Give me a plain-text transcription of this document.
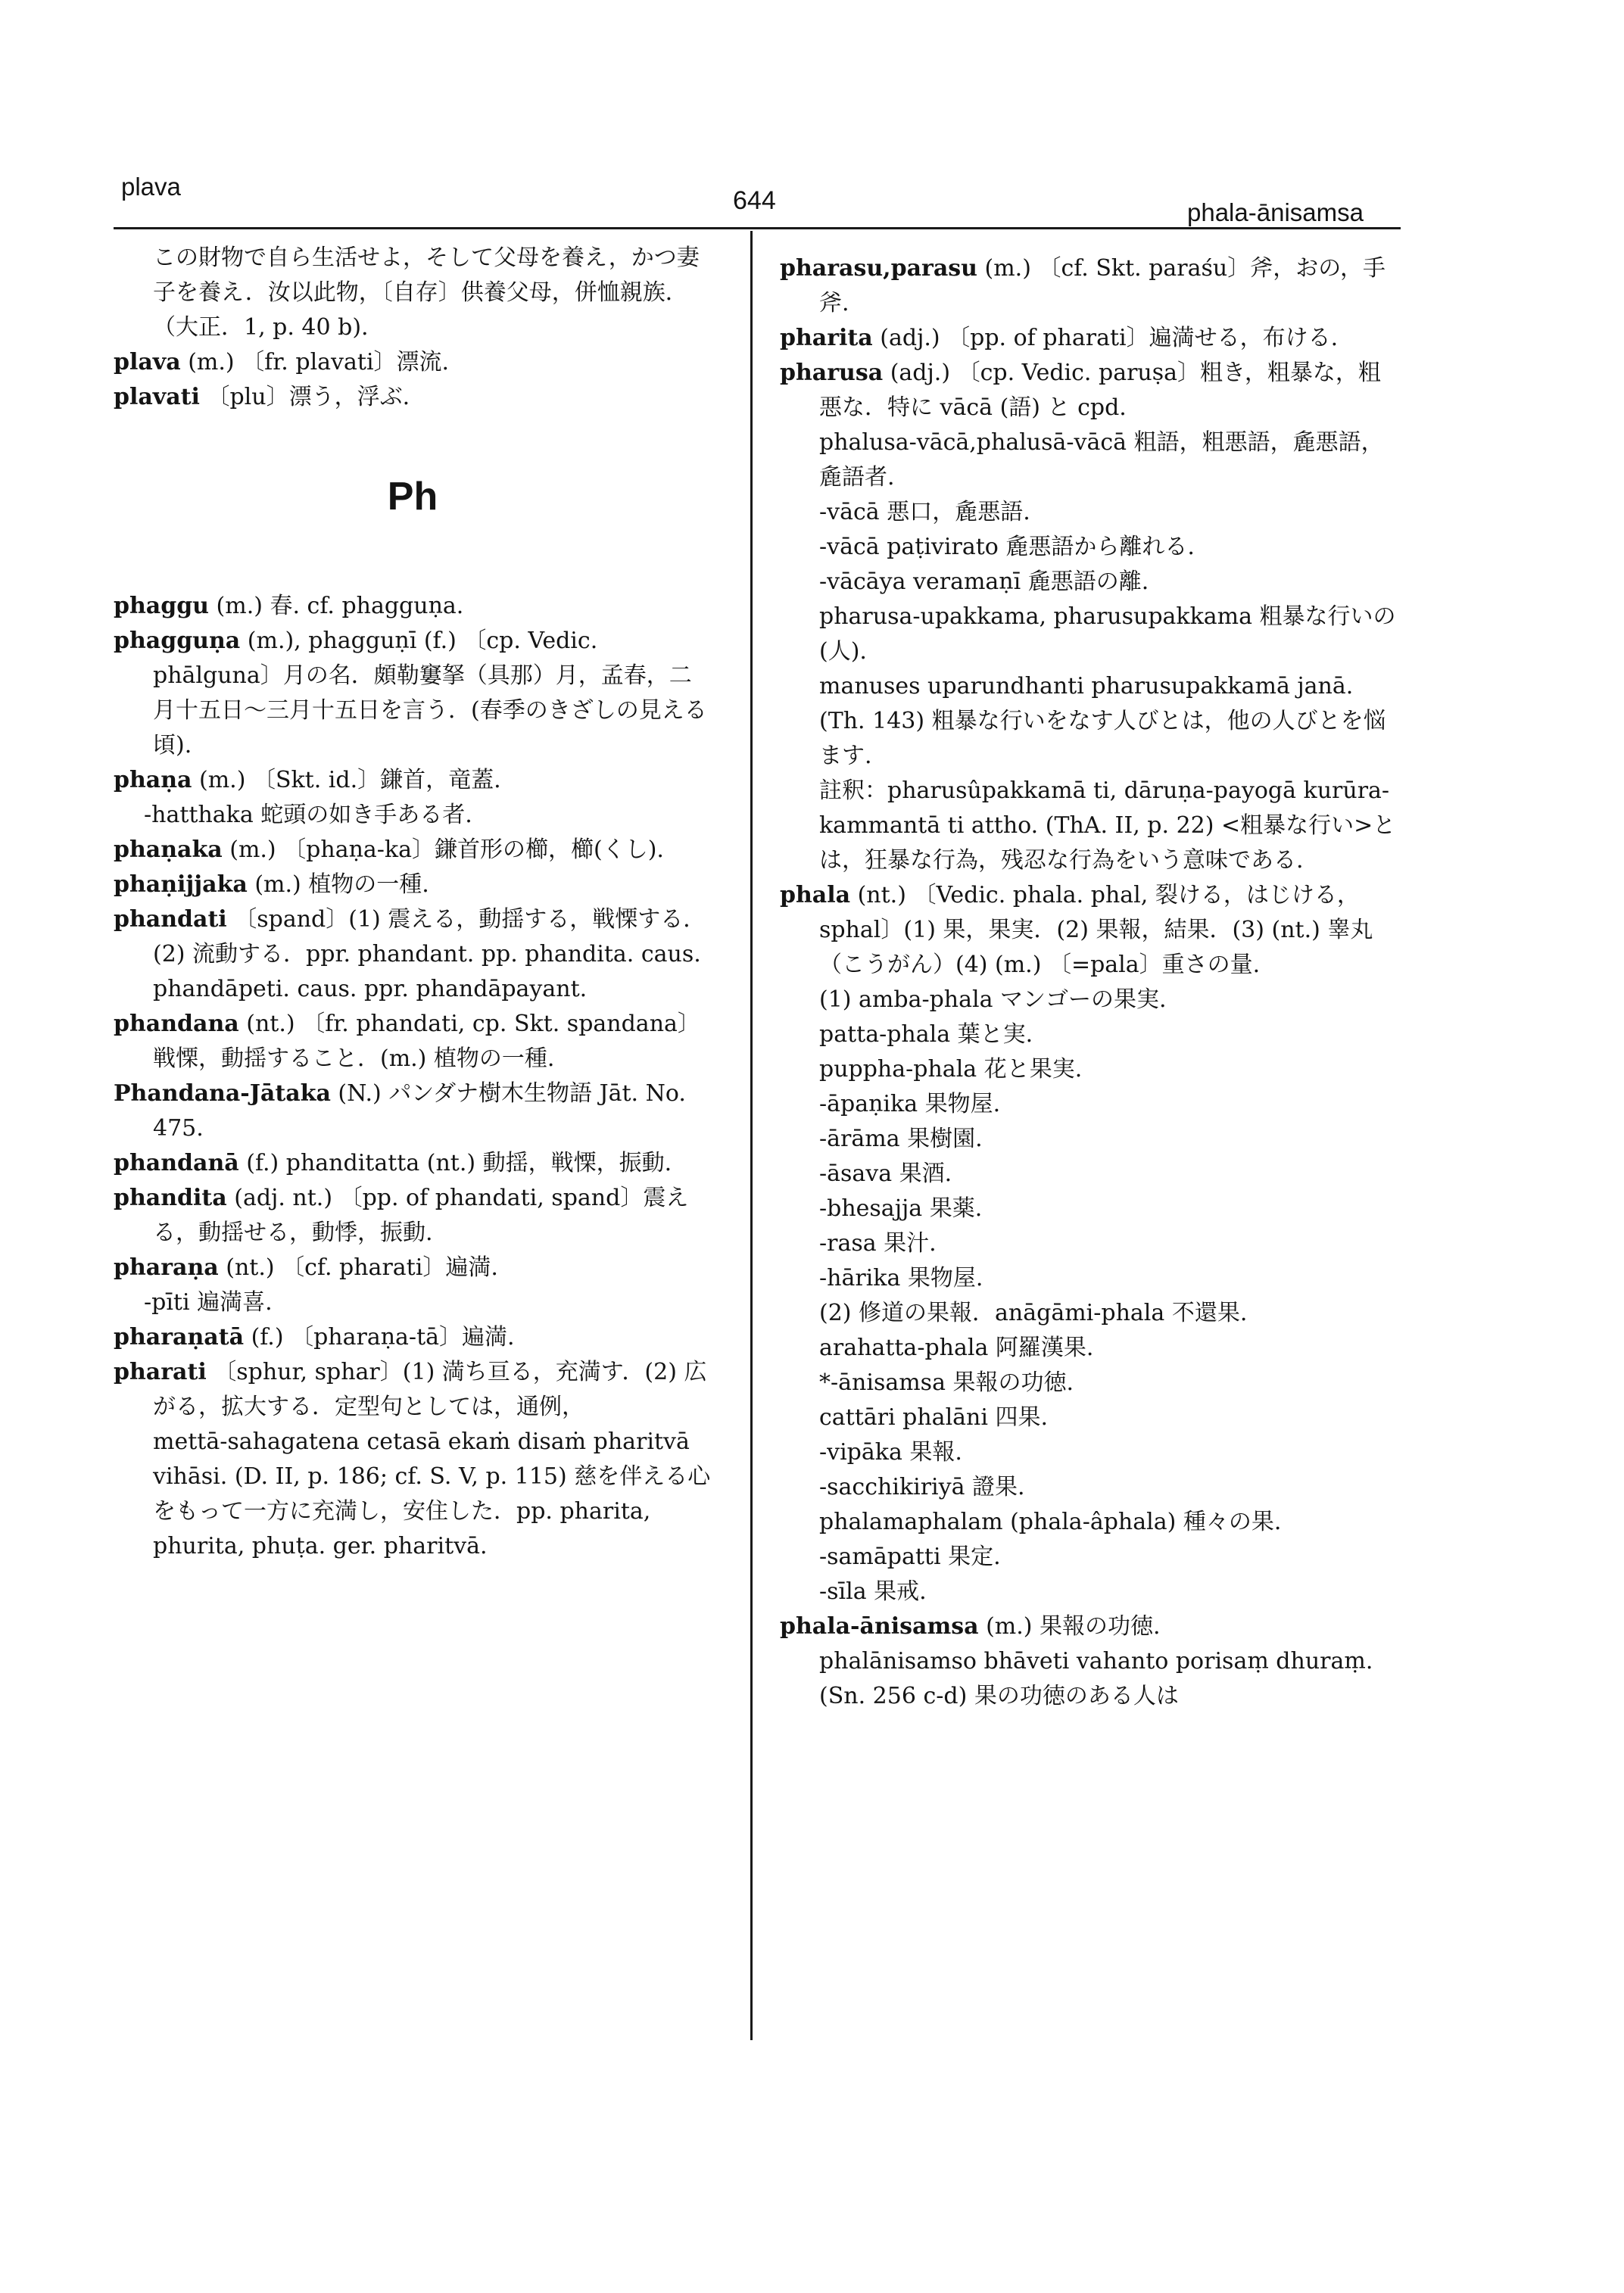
plava	644	phala-ānisamsa
この財物で自ら生活せよ，そして父母を養え，かつ妻子を養え．汝以此物，〔自存〕供養父母，併恤親族．（大正．1, p. 40 b).
plava (m.) 〔fr. plavati〕漂流.
plavati 〔plu〕漂う，浮ぶ.
Ph
phaggu (m.) 春. cf. phagguṇa.
phagguṇa (m.), phagguṇī (f.) 〔cp. Vedic. phālguna〕月の名．頗勒窶拏（具那）月，孟春，二月十五日～三月十五日を言う．(春季のきざしの見える頃).
phaṇa (m.) 〔Skt. id.〕鎌首，竜蓋.
-hatthaka 蛇頭の如き手ある者.
phaṇaka (m.) 〔phaṇa-ka〕鎌首形の櫛，櫛(くし).
phaṇijjaka (m.) 植物の一種.
phandati 〔spand〕(1) 震える，動揺する，戦慄する．(2) 流動する．ppr. phandant. pp. phandita. caus. phandāpeti. caus. ppr. phandāpayant.
phandana (nt.) 〔fr. phandati, cp. Skt. spandana〕戦慄，動揺すること．(m.) 植物の一種.
Phandana-Jātaka (N.) パンダナ樹木生物語 Jāt. No. 475.
phandanā (f.) phanditatta (nt.) 動揺，戦慄，振動.
phandita (adj. nt.) 〔pp. of phandati, spand〕震える，動揺せる，動悸，振動.
pharaṇa (nt.) 〔cf. pharati〕遍満.
-pīti 遍満喜.
pharaṇatā (f.) 〔pharaṇa-tā〕遍満.
pharati 〔sphur, sphar〕(1) 満ち亘る，充満す．(2) 広がる，拡大する．定型句としては，通例，
mettā-sahagatena cetasā ekaṁ disaṁ pharitvā vihāsi. (D. II, p. 186; cf. S. V, p. 115) 慈を伴える心をもって一方に充満し，安住した．pp. pharita, phurita, phuṭa. ger. pharitvā.
pharasu,parasu (m.) 〔cf. Skt. paraśu〕斧，おの，手斧.
pharita (adj.) 〔pp. of pharati〕遍満せる，布ける.
pharusa (adj.) 〔cp. Vedic. paruṣa〕粗き，粗暴な，粗悪な．特に vācā (語) と cpd.
phalusa-vācā,phalusā-vācā 粗語，粗悪語，麁悪語，麁語者.
-vācā 悪口，麁悪語.
-vācā paṭivirato 麁悪語から離れる.
-vācāya veramaṇī 麁悪語の離.
pharusa-upakkama, pharusupakkama 粗暴な行いの(人).
manuses uparundhanti pharusupakkamā janā. (Th. 143) 粗暴な行いをなす人びとは，他の人びとを悩ます.
註釈：pharusûpakkamā ti, dāruṇa-payogā kurūra-kammantā ti attho. (ThA. II, p. 22) <粗暴な行い>とは，狂暴な行為，残忍な行為をいう意味である.
phala (nt.) 〔Vedic. phala. phal, 裂ける，はじける，sphal〕(1) 果，果実．(2) 果報，結果．(3) (nt.) 睾丸（こうがん）(4) (m.) 〔=pala〕重さの量.
(1) amba-phala マンゴーの果実.
patta-phala 葉と実.
puppha-phala 花と果実.
-āpaṇika 果物屋.
-ārāma 果樹園.
-āsava 果酒.
-bhesajja 果薬.
-rasa 果汁.
-hārika 果物屋.
(2) 修道の果報．anāgāmi-phala 不還果.
arahatta-phala 阿羅漢果.
*-ānisamsa 果報の功徳.
cattāri phalāni 四果.
-vipāka 果報.
-sacchikiriyā 證果.
phalamaphalam (phala-âphala) 種々の果.
-samāpatti 果定.
-sīla 果戒.
phala-ānisamsa (m.) 果報の功徳.
phalānisamso bhāveti vahanto porisaṃ dhuraṃ. (Sn. 256 c-d) 果の功徳のある人は
